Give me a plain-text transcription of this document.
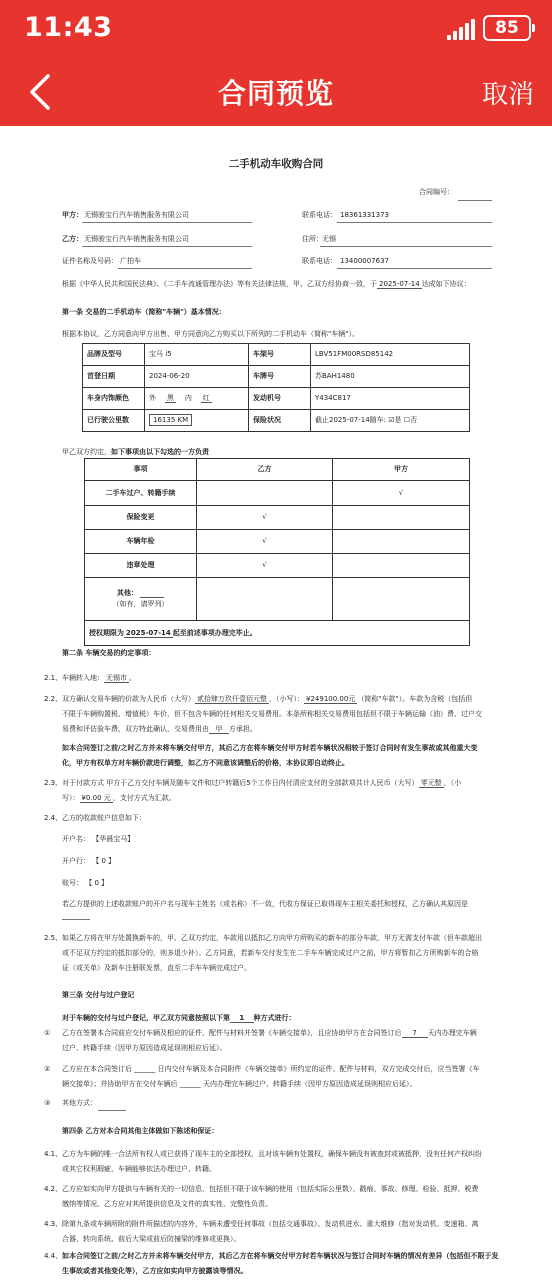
11:43	85
合同预览	取消
二手机动车收购合同
合同编号：
甲方： 无锡骏宝行汽车销售服务有限公司	联系电话： 18361331373
乙方： 无锡骏宝行汽车销售服务有限公司	住所： 无锡
证件名称及号码： 广拍车	联系电话： 13400007637
根据《中华人民共和国民法典》、《二手车流通管理办法》等有关法律法规，甲、乙双方经协商一致，于 2025-07-14 达成如下协议：
第一条 交易的二手机动车（简称"车辆"）基本情况：
根据本协议，乙方同意向甲方出售、甲方同意向乙方购买以下所列的二手机动车（简称"车辆"）。
品牌及型号	宝马 i5	车架号	LBV51FM00RSD85142
首登日期	2024-06-20	车牌号	苏BAH1480
车身内饰颜色	外 黑 内 红	发动机号	Y434C817
已行驶公里数	16135 KM	保险状况	截止2025-07-14随车: ☑是 ☐否
甲乙双方约定，如下事项由以下勾选的一方负责
事项	乙方	甲方
二手车过户、转籍手续		√
保险变更	√	
车辆年检	√	
违章处理	√	
其他：
（如有，请罗列）		
授权期限为 2025-07-14 起至前述事项办理完毕止。		
第二条 车辆交易的约定事项：
2.1、 车辆转入地： 无锡市 。
2.2、 双方确认交易车辆的价款为人民币（大写） 贰拾肆万玖仟壹佰元整 ，（小写）： ¥249100.00元 （简称"车款"）。车款为含税（包括但
不限于车辆购置税、增值税）车价，但不包含车辆的任何相关交易费用。本条所称相关交易费用包括但不限于车辆运输（油）费、过户交
易费和评估验车费，双方特此确认，交易费用由 甲 方承担。
如本合同签订之前/之时乙方并未将车辆交付甲方，其后乙方在将车辆交付甲方时若车辆状况相较于签订合同时有发生事故或其他重大变
化，甲方有权单方对车辆价款进行调整，如乙方不同意该调整后的价格，本协议即自动终止。
2.3、 对于付款方式 甲方于乙方交付车辆及随车文件和过户转籍后5个工作日内付清应支付的全部款项共计人民币（大写） 零元整 ，（小
写）： ¥0.00 元 ，支付方式为汇款。
2.4、 乙方的收款账户信息如下：
开户名： 【华晨宝马】
开户行： 【 0 】
账号： 【 0 】
若乙方提供的上述收款账户的开户名与现车主姓名（或名称）不一致，代收方保证已取得现车主相关委托和授权，乙方确认其原因是
2.5、 如果乙方将在甲方处置换新车的，甲、乙双方约定，车款用以抵扣乙方向甲方所购买的新车的部分车款，甲方无需支付车款（但车款超出
或不足双方约定的抵扣部分的，则多退少补）。乙方同意，若新车交付发生在二手车车辆完成过户之前，甲方将暂扣乙方所购新车的合格
证（或关单）及新车注册联发票，直至二手车车辆完成过户。
第三条 交付与过户登记
对于车辆的交付与过户登记，甲乙双方同意按照以下第 1 种方式进行：
① 乙方在签署本合同前应交付车辆及相应的证件、配件与材料并签署《车辆交接单》，且应协助甲方在合同签订后 7 天内办理完车辆
过户、转籍手续（因甲方原因造成延误则相应后延）。
② 乙方应在本合同签订后 ______ 日内交付车辆及本合同附件《车辆交接单》所约定的证件、配件与材料，双方完成交付后，应当签署《车
辆交接单》；并协助甲方在交付车辆后 ______ 天内办理完车辆过户、转籍手续（因甲方原因造成延误则相应后延）。
③ 其他方式：
第四条 乙方对本合同其他主体做如下陈述和保证：
4.1、 乙方为车辆的唯一合法所有权人或已获得了现车主的全部授权，且对该车辆有处置权，确保车辆没有被查封或被抵押，没有任何产权纠纷
或其它权利瑕疵，车辆能够依法办理过户、转籍。
4.2、 乙方应如实向甲方提供与车辆有关的一切信息，包括但不限于该车辆的使用（包括实际公里数）、戳痕、事故、修理、检验、抵押、税费
缴纳等情况。乙方应对其所提供信息及文件的真实性、完整性负责。
4.3、 除第九条或车辆所附的附件所描述的内容外，车辆未遭受任何事故（包括交通事故）、发动机进水、重大维修（指对发动机、变速箱、离
合器、转向系统、前后大梁或前后防撞梁的维修或更换）。
4.4、 如本合同签订之前/之时乙方并未将车辆交付甲方，其后乙方在将车辆交付甲方时若车辆状况与签订合同时车辆的情况有差异（包括但不限于发
生事故或者其他变化等），乙方应如实向甲方披露该等情况。
